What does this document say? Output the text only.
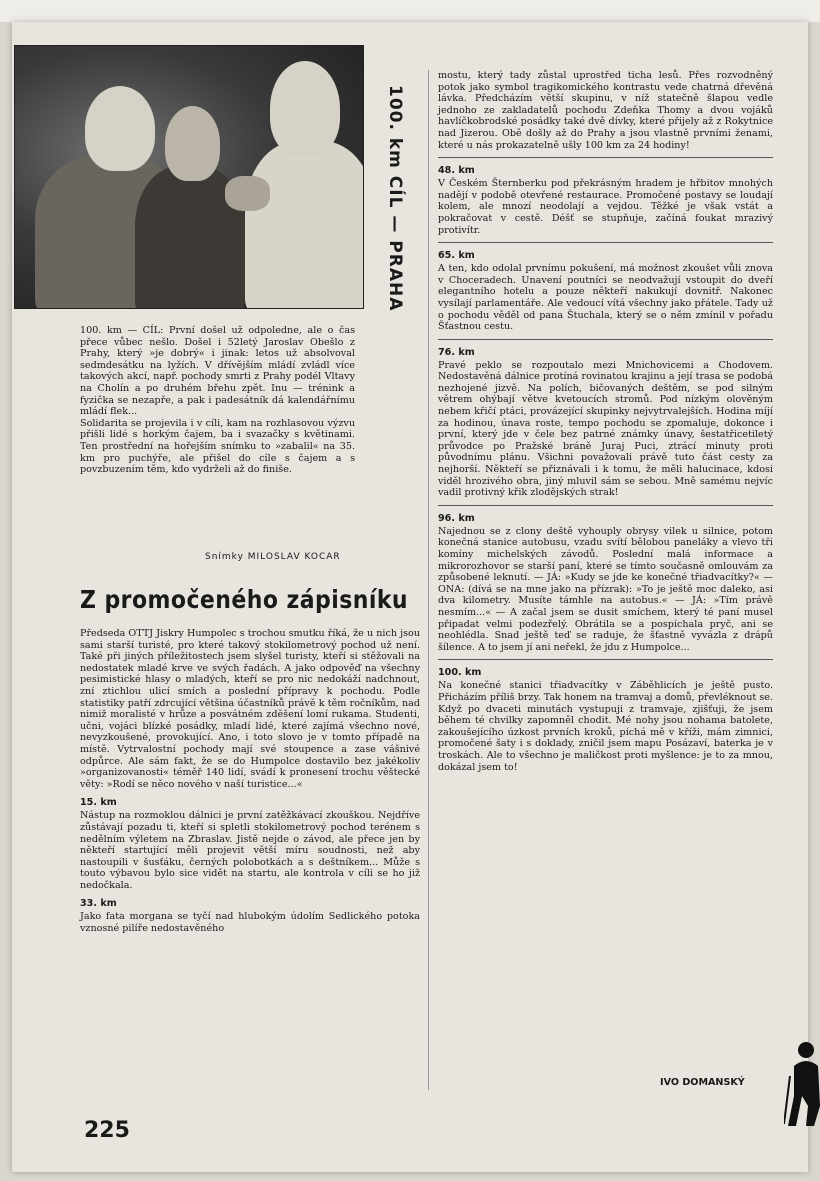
100. km CÍL — PRAHA

100. km — CÍL: První došel už odpoledne, ale o čas přece vůbec nešlo. Došel i 52letý Jaroslav Obešlo z Prahy, který »je dobrý« i jinak: letos už absolvoval sedmdesátku na lyžích. V dřívějším mládí zvládl více takových akcí, např. pochody smrti z Prahy podél Vltavy na Cholín a po druhém břehu zpět. Inu — trénink a fyzička se nezapře, a pak i padesátník dá kalendářnímu mládí flek...
Solidarita se projevila i v cíli, kam na rozhlasovou výzvu přišli lidé s horkým čajem, ba i svazačky s květinami. Ten prostřední na hořejším snímku to »zabalil« na 35. km pro puchýře, ale přišel do cíle s čajem a s povzbuzením těm, kdo vydrželi až do finiše.

Snímky MILOSLAV KOCAR
Z promočeného zápisníku

Předseda OTTJ Jiskry Humpolec s trochou smutku říká, že u nich jsou sami starší turisté, pro které takový stokilometrový pochod už není. Také při jiných příležitostech jsem slyšel turisty, kteří si stěžovali na nedostatek mladé krve ve svých řadách. A jako odpověď na všechny pesimistické hlasy o mladých, kteří se pro nic nedokáží nadchnout, zní ztichlou ulicí smích a poslední přípravy k pochodu. Podle statistiky patří zdrcující většina účastníků právě k těm ročníkům, nad nimiž moralisté v hrůze a posvátném zděšení lomí rukama. Studenti, učni, vojáci blízké posádky, mladí lidé, které zajímá všechno nové, nevyzkoušené, provokující. Ano, i toto slovo je v tomto případě na místě. Vytrvalostní pochody mají své stoupence a zase vášnivé odpůrce. Ale sám fakt, že se do Humpolce dostavilo bez jakékoliv »organizovanosti« téměř 140 lidí, svádí k pronesení trochu věštecké věty: »Rodí se něco nového v naší turistice...«

15. km

Nástup na rozmoklou dálnici je první zatěžkávací zkouškou. Nejdříve zůstávají pozadu ti, kteří si spletli stokilometrový pochod terénem s nedělním výletem na Zbraslav. Jistě nejde o závod, ale přece jen by někteří startující měli projevit větší míru soudnosti, než aby nastoupili v šusťáku, černých polobotkách a s deštníkem... Může s touto výbavou bylo sice vidět na startu, ale kontrola v cíli se ho již nedočkala.

33. km

Jako fata morgana se tyčí nad hlubokým údolím Sedlického potoka vznosné pilíře nedostavěného

mostu, který tady zůstal uprostřed ticha lesů. Přes rozvodněný potok jako symbol tragikomického kontrastu vede chatrná dřevěná lávka. Předcházím větší skupinu, v níž statečně šlapou vedle jednoho ze zakladatelů pochodu Zdeňka Thomy a dvou vojáků havlíčkobrodské posádky také dvě dívky, které přijely až z Rokytnice nad Jizerou. Obě došly až do Prahy a jsou vlastně prvními ženami, které u nás prokazatelně ušly 100 km za 24 hodiny!

48. km

V Českém Šternberku pod překrásným hradem je hřbitov mnohých nadějí v podobě otevřené restaurace. Promočené postavy se loudají kolem, ale mnozí neodolají a vejdou. Těžké je však vstát a pokračovat v cestě. Déšť se stupňuje, začíná foukat mrazivý protivítr.

65. km

A ten, kdo odolal prvnímu pokušení, má možnost zkoušet vůli znova v Choceradech. Unavení poutníci se neodvažují vstoupit do dveří elegantního hotelu a pouze někteří nakukují dovnitř. Nakonec vysílají parlamentáře. Ale vedoucí vítá všechny jako přátele. Tady už o pochodu věděl od pana Štuchala, který se o něm zmínil v pořadu Šťastnou cestu.

76. km

Pravé peklo se rozpoutalo mezi Mnichovicemi a Chodovem. Nedostavěná dálnice protíná rovinatou krajinu a její trasa se podobá nezhojené jizvě. Na polích, bičovaných deštěm, se pod silným větrem ohýbají větve kvetoucích stromů. Pod nízkým olověným nebem křičí ptáci, provázející skupinky nejvytrvalejších. Hodina míjí za hodinou, únava roste, tempo pochodu se zpomaluje, dokonce i první, který jde v čele bez patrné známky únavy, šestatřicetiletý průvodce po Pražské bráně Juraj Puci, ztrácí minuty proti původnímu plánu. Všichni považovali právě tuto část cesty za nejhorší. Někteří se přiznávali i k tomu, že měli halucinace, kdosi viděl hrozivého obra, jiný mluvil sám se sebou. Mně samému nejvíc vadil protivný křik zlodějských strak!

96. km

Najednou se z clony deště vyhouply obrysy vilek u silnice, potom konečná stanice autobusu, vzadu svítí bělobou panelákу a vlevo tři komíny michelských závodů. Poslední malá informace a mikrorozhovor se starší paní, které se tímto současně omlouvám za způsobené leknutí. — JÁ: »Kudy se jde ke konečné třiadvacítky?« — ONA: (dívá se na mne jako na přízrak): »To je ještě moc daleko, asi dva kilometry. Musíte támhle na autobus.« — JÁ: »Tím právě nesmím...« — A začal jsem se dusit smíchem, který té paní musel připadat velmi podezřelý. Obrátila se a pospíchala pryč, ani se neohlédla. Snad ještě teď se raduje, že šťastně vyvázla z drápů šílence. A to jsem jí ani neřekl, že jdu z Humpolce...

100. km

Na konečné stanici třiadvacítky v Záběhlicích je ještě pusto. Přicházím příliš brzy. Tak honem na tramvaj a domů, převléknout se. Když po dvaceti minutách vystupuji z tramvaje, zjišťuji, že jsem během té chvilky zapomněl chodit. Mé nohy jsou nohama batolete, zakoušejícího úzkost prvních kroků, píchá mě v kříži, mám zimnici, promočené šaty i s doklady, zničil jsem mapu Posázaví, baterka je v troskách. Ale to všechno je maličkost proti myšlence: je to za mnou, dokázal jsem to!

IVO DOMANSKÝ
225
